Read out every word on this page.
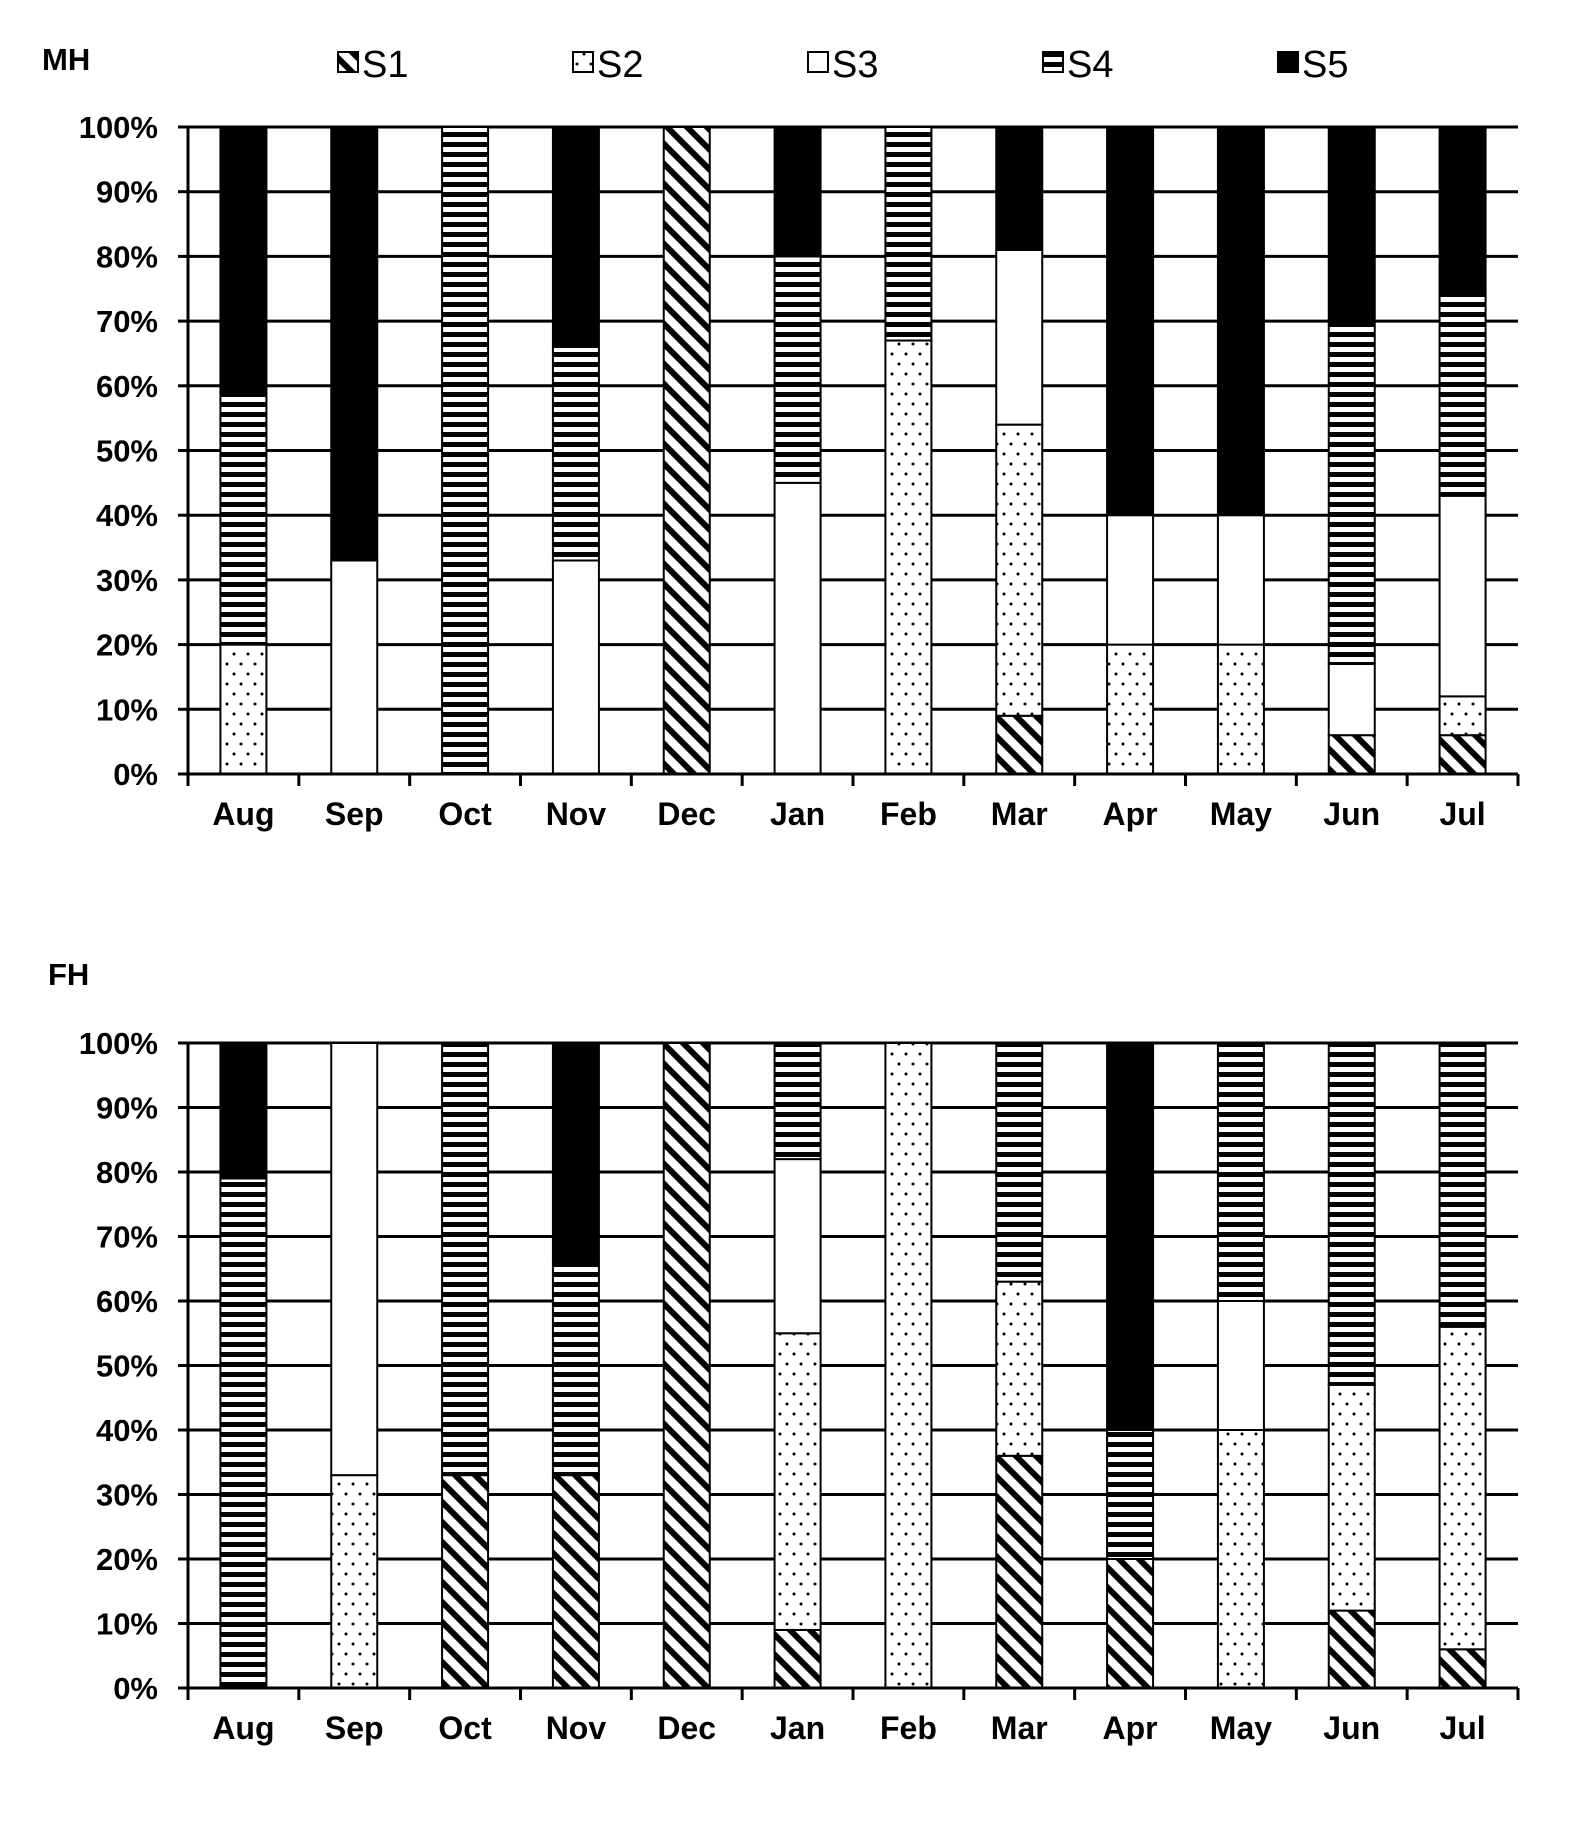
S1	S2	S3	S4	S5
MH
0%
10%
20%
30%
40%
50%
60%
70%
80%
90%
100%
Aug Sep Oct Nov Dec Jan Feb Mar Apr May Jun Jul
FH
0%
10%
20%
30%
40%
50%
60%
70%
80%
90%
100%
Aug Sep Oct Nov Dec Jan Feb Mar Apr May Jun Jul
